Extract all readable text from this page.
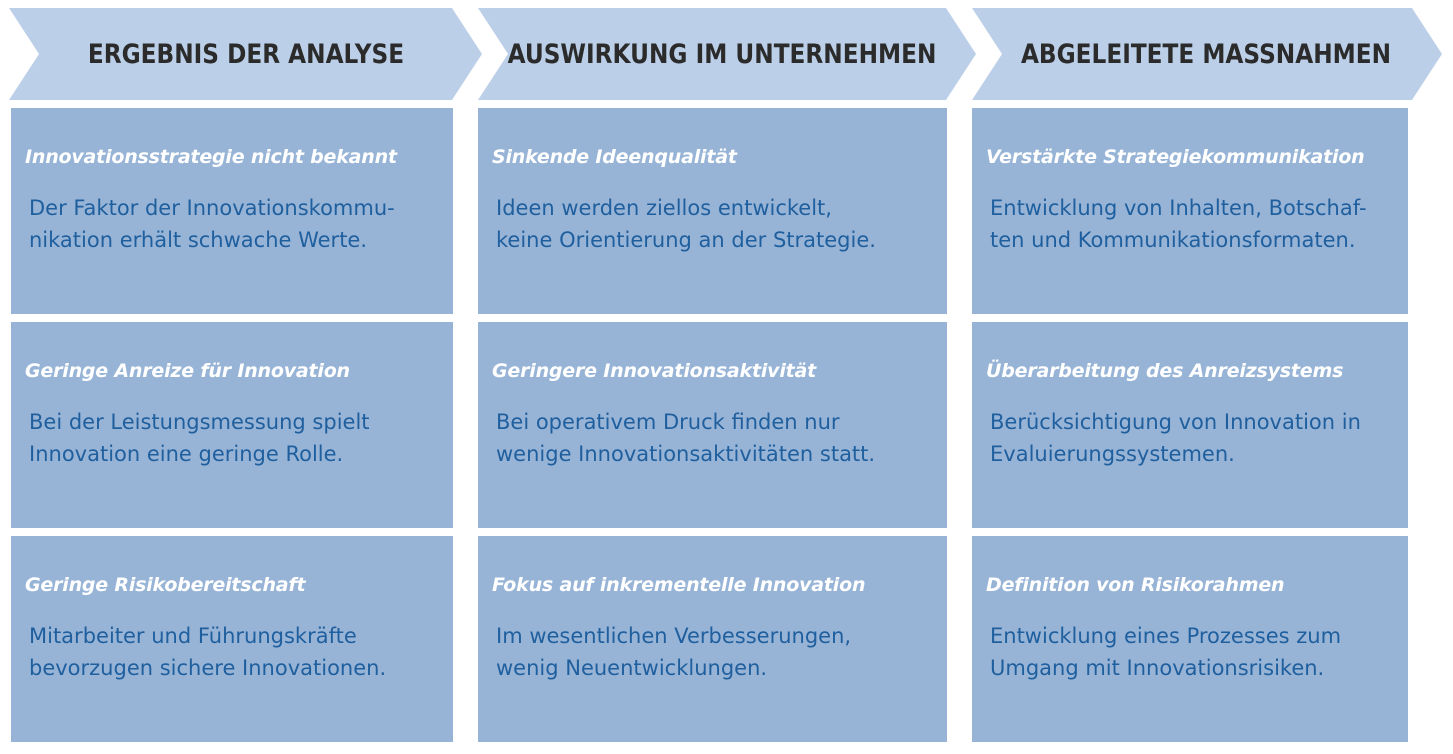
ERGEBNIS DER ANALYSE	AUSWIRKUNG IM UNTERNEHMEN	ABGELEITETE MASSNAHMEN
Innovationsstrategie nicht bekannt
Der Faktor der Innovationskommu-
nikation erhält schwache Werte.
Geringe Anreize für Innovation
Bei der Leistungsmessung spielt
Innovation eine geringe Rolle.
Geringe Risikobereitschaft
Mitarbeiter und Führungskräfte
bevorzugen sichere Innovationen.
Sinkende Ideenqualität
Ideen werden ziellos entwickelt,
keine Orientierung an der Strategie.
Geringere Innovationsaktivität
Bei operativem Druck finden nur
wenige Innovationsaktivitäten statt.
Fokus auf inkrementelle Innovation
Im wesentlichen Verbesserungen,
wenig Neuentwicklungen.
Verstärkte Strategiekommunikation
Entwicklung von Inhalten, Botschaf-
ten und Kommunikationsformaten.
Überarbeitung des Anreizsystems
Berücksichtigung von Innovation in
Evaluierungssystemen.
Definition von Risikorahmen
Entwicklung eines Prozesses zum
Umgang mit Innovationsrisiken.
